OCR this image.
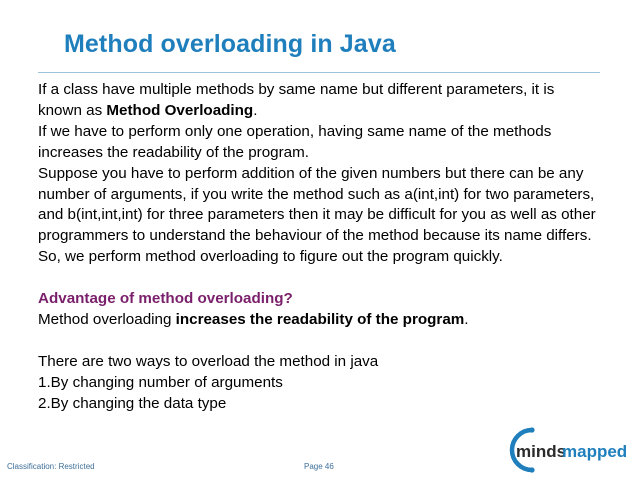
Method overloading in Java

If a class have multiple methods by same name but different parameters, it is known as Method Overloading.

If we have to perform only one operation, having same name of the methods increases the readability of the program.

Suppose you have to perform addition of the given numbers but there can be any number of arguments, if you write the method such as a(int,int) for two parameters, and b(int,int,int) for three parameters then it may be difficult for you as well as other programmers to understand the behaviour of the method because its name differs. So, we perform method overloading to figure out the program quickly.

Advantage of method overloading?

Method overloading increases the readability of the program.

There are two ways to overload the method in java

1.By changing number of arguments

2.By changing the data type

Classification: Restricted	Page 46
minds
mapped
